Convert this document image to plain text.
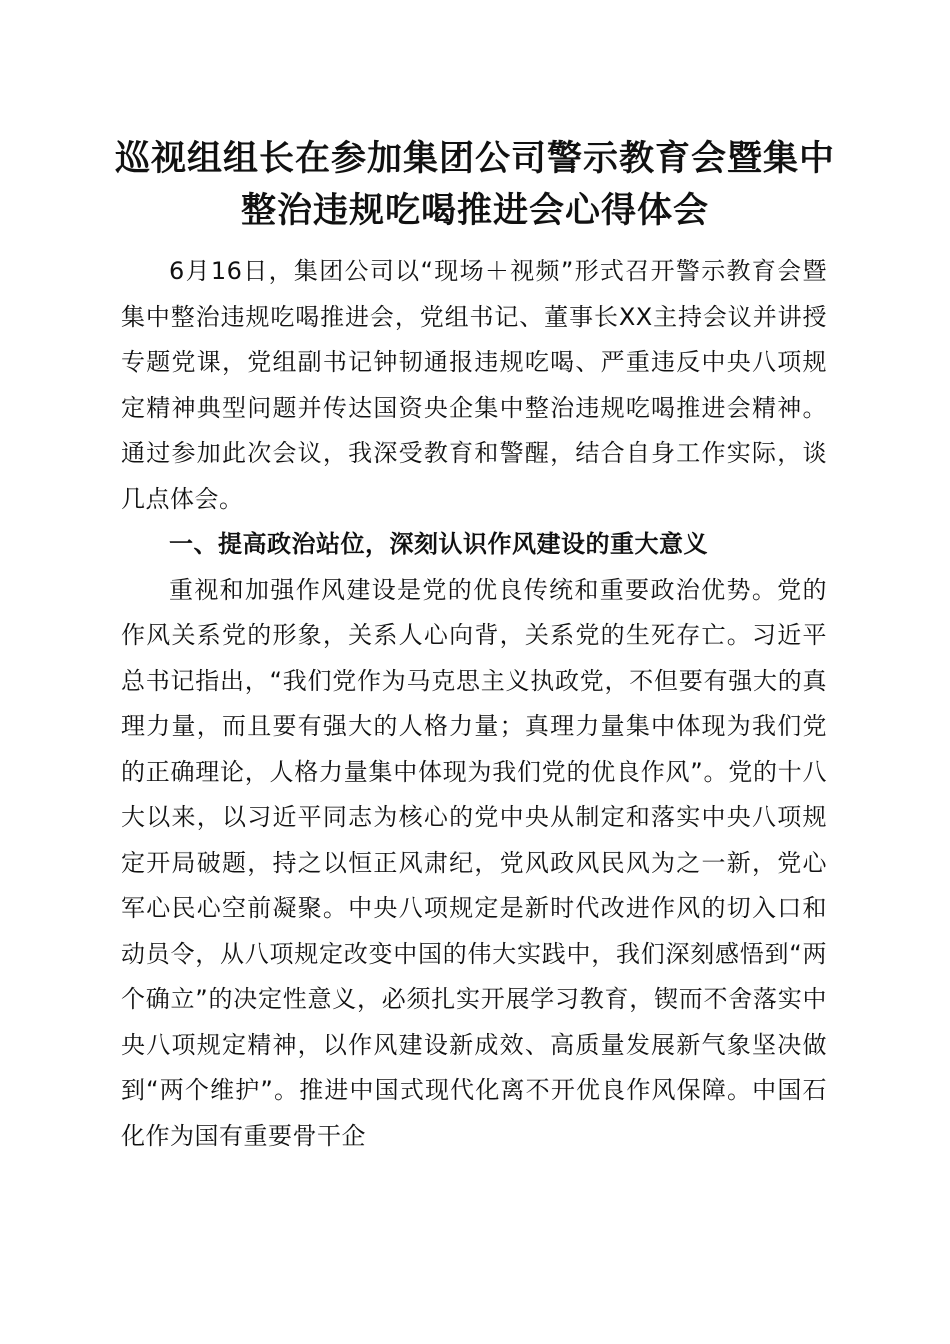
巡视组组长在参加集团公司警示教育会暨集中
整治违规吃喝推进会心得体会

6月16日，集团公司以“现场＋视频”形式召开警示教育会暨集中整治违规吃喝推进会，党组书记、董事长XX主持会议并讲授专题党课，党组副书记钟韧通报违规吃喝、严重违反中央八项规定精神典型问题并传达国资央企集中整治违规吃喝推进会精神。通过参加此次会议，我深受教育和警醒，结合自身工作实际，谈几点体会。

一、提高政治站位，深刻认识作风建设的重大意义

重视和加强作风建设是党的优良传统和重要政治优势。党的作风关系党的形象，关系人心向背，关系党的生死存亡。习近平总书记指出，“我们党作为马克思主义执政党，不但要有强大的真理力量，而且要有强大的人格力量；真理力量集中体现为我们党的正确理论，人格力量集中体现为我们党的优良作风”。党的十八大以来，以习近平同志为核心的党中央从制定和落实中央八项规定开局破题，持之以恒正风肃纪，党风政风民风为之一新，党心军心民心空前凝聚。中央八项规定是新时代改进作风的切入口和动员令，从八项规定改变中国的伟大实践中，我们深刻感悟到“两个确立”的决定性意义，必须扎实开展学习教育，锲而不舍落实中央八项规定精神，以作风建设新成效、高质量发展新气象坚决做到“两个维护”。推进中国式现代化离不开优良作风保障。中国石化作为国有重要骨干企
